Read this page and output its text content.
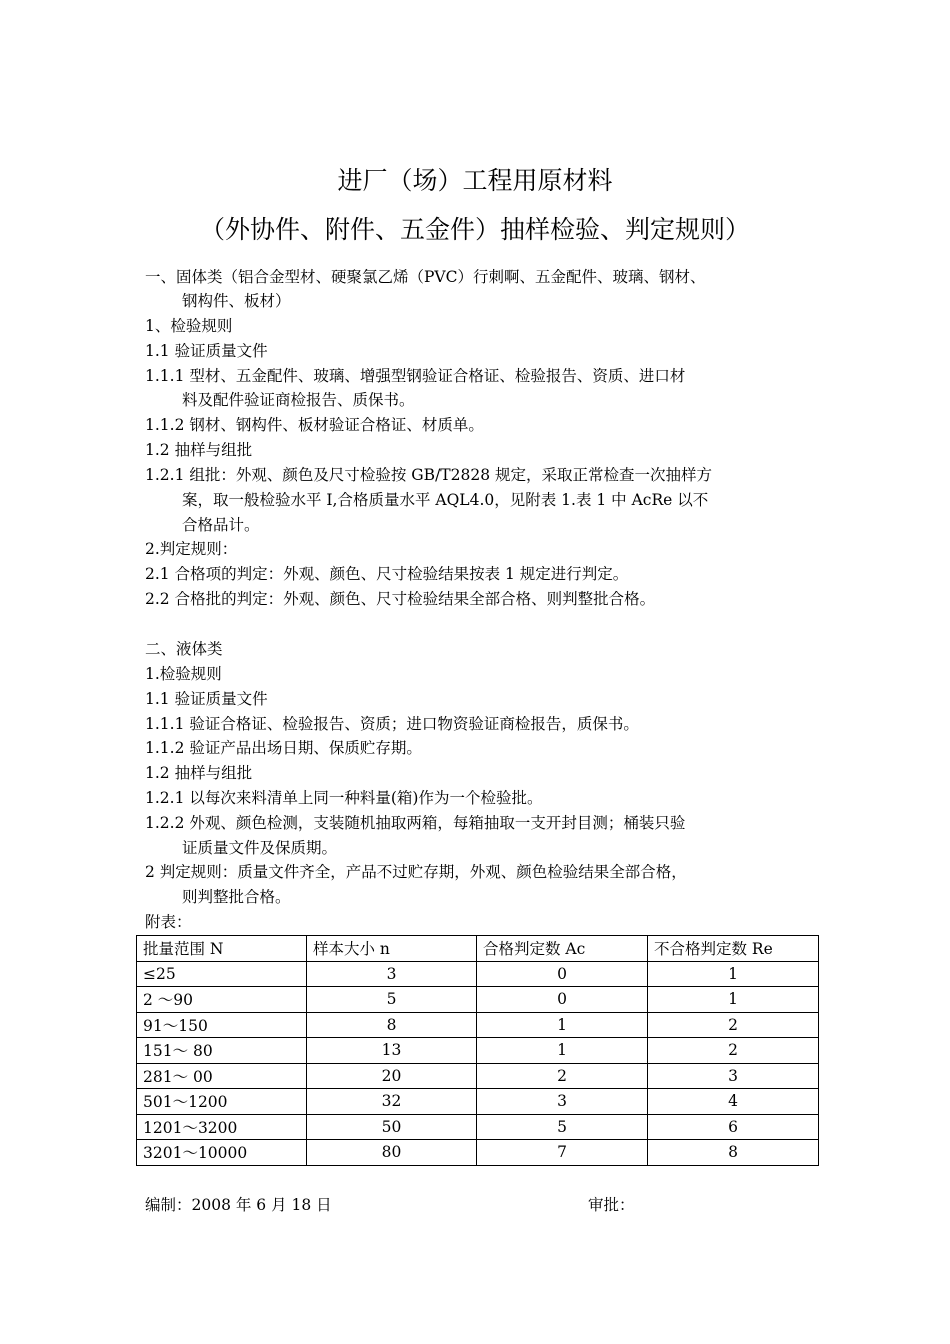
进厂（场）工程用原材料
（外协件、附件、五金件）抽样检验、判定规则）
一、固体类（铝合金型材、硬聚氯乙烯（PVC）行刺啊、五金配件、玻璃、钢材、
钢构件、板材）
1、检验规则
1.1 验证质量文件
1.1.1 型材、五金配件、玻璃、增强型钢验证合格证、检验报告、资质、进口材
料及配件验证商检报告、质保书。
1.1.2 钢材、钢构件、板材验证合格证、材质单。
1.2 抽样与组批
1.2.1 组批：外观、颜色及尺寸检验按 GB/T2828 规定，采取正常检查一次抽样方
案，取一般检验水平 I,合格质量水平 AQL4.0，见附表 1.表 1 中 AcRe 以不
合格品计。
2.判定规则：
2.1 合格项的判定：外观、颜色、尺寸检验结果按表 1 规定进行判定。
2.2 合格批的判定：外观、颜色、尺寸检验结果全部合格、则判整批合格。
二、液体类
1.检验规则
1.1 验证质量文件
1.1.1 验证合格证、检验报告、资质；进口物资验证商检报告，质保书。
1.1.2 验证产品出场日期、保质贮存期。
1.2 抽样与组批
1.2.1 以每次来料清单上同一种料量(箱)作为一个检验批。
1.2.2 外观、颜色检测，支装随机抽取两箱，每箱抽取一支开封目测；桶装只验
证质量文件及保质期。
2 判定规则：质量文件齐全，产品不过贮存期，外观、颜色检验结果全部合格，
则判整批合格。
附表：
批量范围 N	样本大小 n	合格判定数 Ac	不合格判定数 Re
≤25	3	0	1
2 ～90	5	0	1
91～150	8	1	2
151～ 80	13	1	2
281～ 00	20	2	3
501～1200	32	3	4
1201～3200	50	5	6
3201～10000	80	7	8
编制：2008 年 6 月 18 日	审批：
